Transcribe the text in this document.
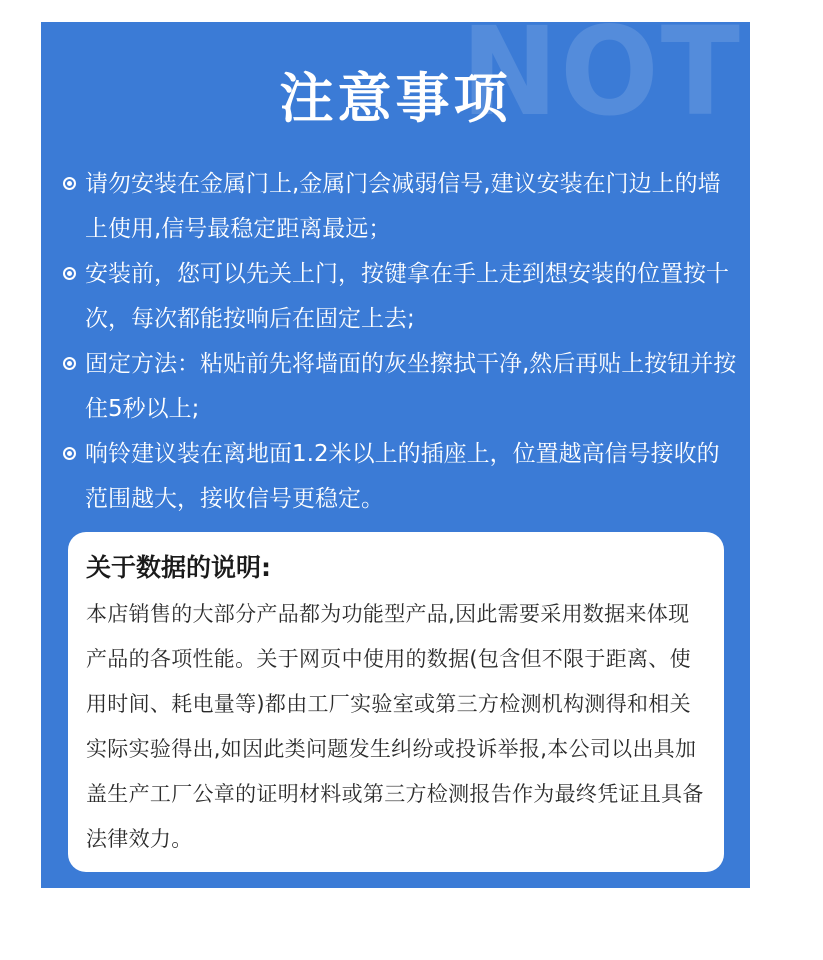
NOTE
注意事项
请勿安装在金属门上,金属门会减弱信号,建议安装在门边上的墙上使用,信号最稳定距离最远；
安装前，您可以先关上门，按键拿在手上走到想安装的位置按十次，每次都能按响后在固定上去;
固定方法：粘贴前先将墙面的灰坐擦拭干净,然后再贴上按钮并按住5秒以上;
响铃建议装在离地面1.2米以上的插座上，位置越高信号接收的范围越大，接收信号更稳定。
关于数据的说明:
本店销售的大部分产品都为功能型产品,因此需要采用数据来体现产品的各项性能。关于网页中使用的数据(包含但不限于距离、使用时间、耗电量等)都由工厂实验室或第三方检测机构测得和相关实际实验得出,如因此类问题发生纠纷或投诉举报,本公司以出具加盖生产工厂公章的证明材料或第三方检测报告作为最终凭证且具备法律效力。
